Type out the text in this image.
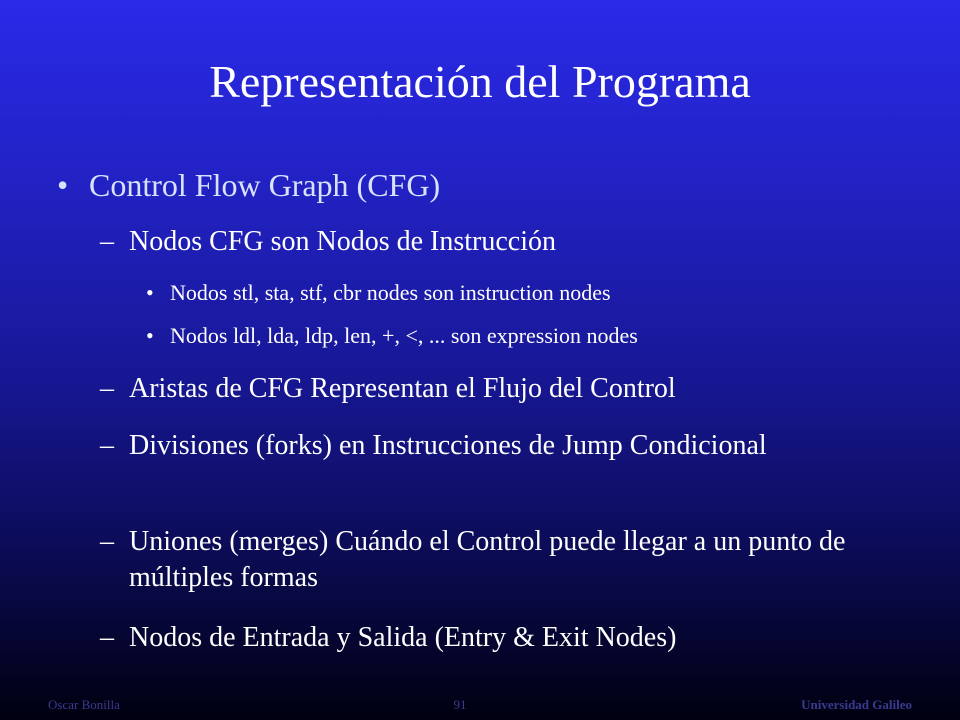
Representación del Programa
• Control Flow Graph (CFG)
– Nodos CFG son Nodos de Instrucción
• Nodos stl, sta, stf, cbr nodes son instruction nodes
• Nodos ldl, lda, ldp, len, +, <, ... son expression nodes
– Aristas de CFG Representan el Flujo del Control
– Divisiones (forks) en Instrucciones de Jump Condicional
– Uniones (merges) Cuándo el Control puede llegar a un punto de múltiples formas
– Nodos de Entrada y Salida (Entry & Exit Nodes)
Oscar Bonilla	91	Universidad Galileo
